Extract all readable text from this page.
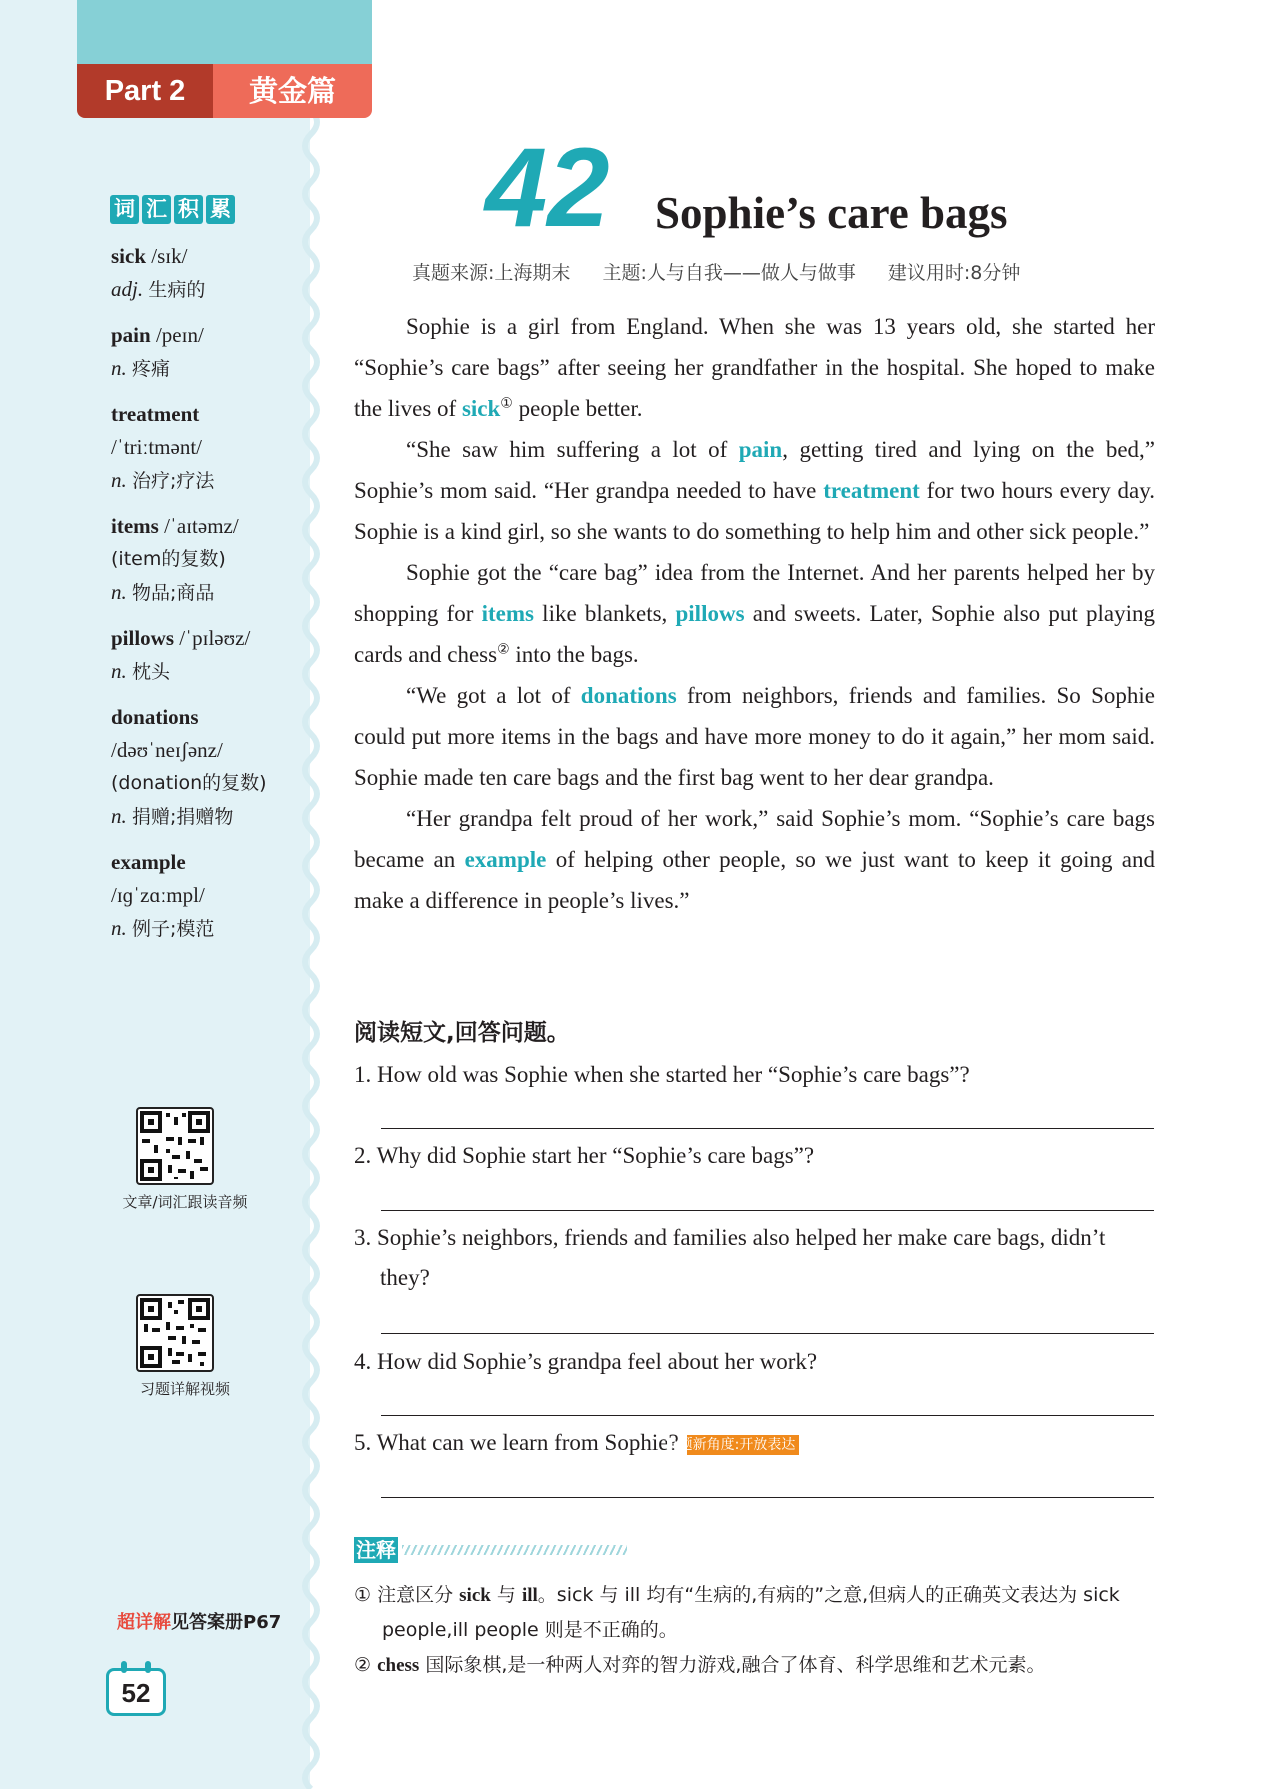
Part 2	黄金篇
词 汇 积 累
sick /sɪk/
adj. 生病的
pain /peɪn/
n. 疼痛
treatment
/ˈtriːtmənt/
n. 治疗;疗法
items /ˈaɪtəmz/
(item的复数)
n. 物品;商品
pillows /ˈpɪləʊz/
n. 枕头
donations
/dəʊˈneɪʃənz/
(donation的复数)
n. 捐赠;捐赠物
example
/ɪɡˈzɑːmpl/
n. 例子;模范
文章/词汇跟读音频
习题详解视频
超详解见答案册P67
52
42 Sophie’s care bags
真题来源:上海期末 主题:人与自我——做人与做事 建议用时:8分钟

Sophie is a girl from England. When she was 13 years old, she started her “Sophie’s care bags” after seeing her grandfather in the hospital. She hoped to make the lives of sick① people better.

“She saw him suffering a lot of pain, getting tired and lying on the bed,” Sophie’s mom said. “Her grandpa needed to have treatment for two hours every day. Sophie is a kind girl, so she wants to do something to help him and other sick people.”

Sophie got the “care bag” idea from the Internet. And her parents helped her by shopping for items like blankets, pillows and sweets. Later, Sophie also put playing cards and chess② into the bags.

“We got a lot of donations from neighbors, friends and families. So Sophie could put more items in the bags and have more money to do it again,” her mom said. Sophie made ten care bags and the first bag went to her dear grandpa.

“Her grandpa felt proud of her work,” said Sophie’s mom. “Sophie’s care bags became an example of helping other people, so we just want to keep it going and make a difference in people’s lives.”

阅读短文,回答问题。
1. How old was Sophie when she started her “Sophie’s care bags”?
2. Why did Sophie start her “Sophie’s care bags”?
3. Sophie’s neighbors, friends and families also helped her make care bags, didn’t they?
4. How did Sophie’s grandpa feel about her work?
5. What can we learn from Sophie?设题新角度:开放表达
注释
① 注意区分 sick 与 ill。sick 与 ill 均有“生病的,有病的”之意,但病人的正确英文表达为 sick people,ill people 则是不正确的。
② chess 国际象棋,是一种两人对弈的智力游戏,融合了体育、科学思维和艺术元素。
